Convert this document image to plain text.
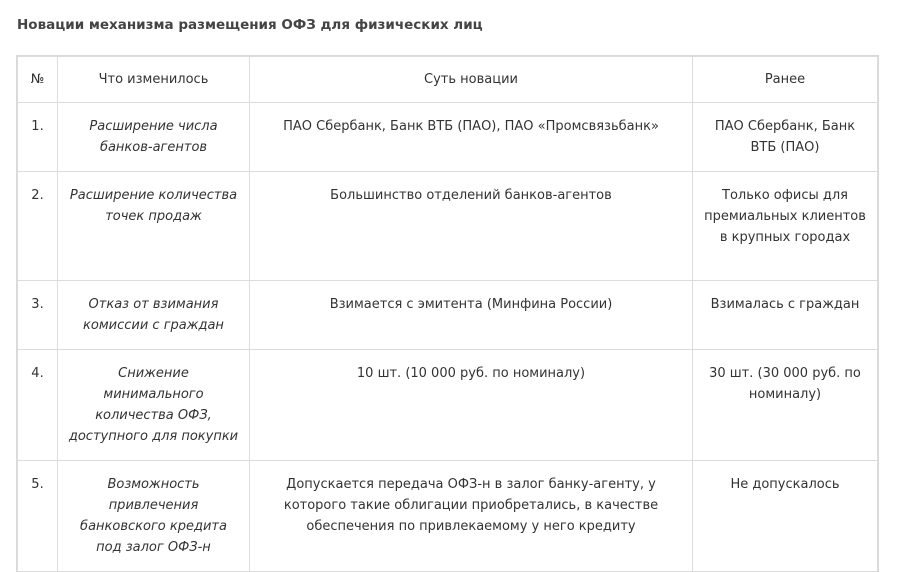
Новации механизма размещения ОФЗ для физических лиц
№	Что изменилось	Суть новации	Ранее
1.	Расширение числа банков-агентов	ПАО Сбербанк, Банк ВТБ (ПАО), ПАО «Промсвязьбанк»	ПАО Сбербанк, Банк ВТБ (ПАО)
2.	Расширение количества точек продаж	Большинство отделений банков-агентов	Только офисы для премиальных клиентов в крупных городах
3.	Отказ от взимания комиссии с граждан	Взимается с эмитента (Минфина России)	Взималась с граждан
4.	Снижение минимального количества ОФЗ, доступного для покупки	10 шт. (10 000 руб. по номиналу)	30 шт. (30 000 руб. по номиналу)
5.	Возможность привлечения банковского кредита под залог ОФЗ-н	Допускается передача ОФЗ-н в залог банку-агенту, у которого такие облигации приобретались, в качестве обеспечения по привлекаемому у него кредиту	Не допускалось
